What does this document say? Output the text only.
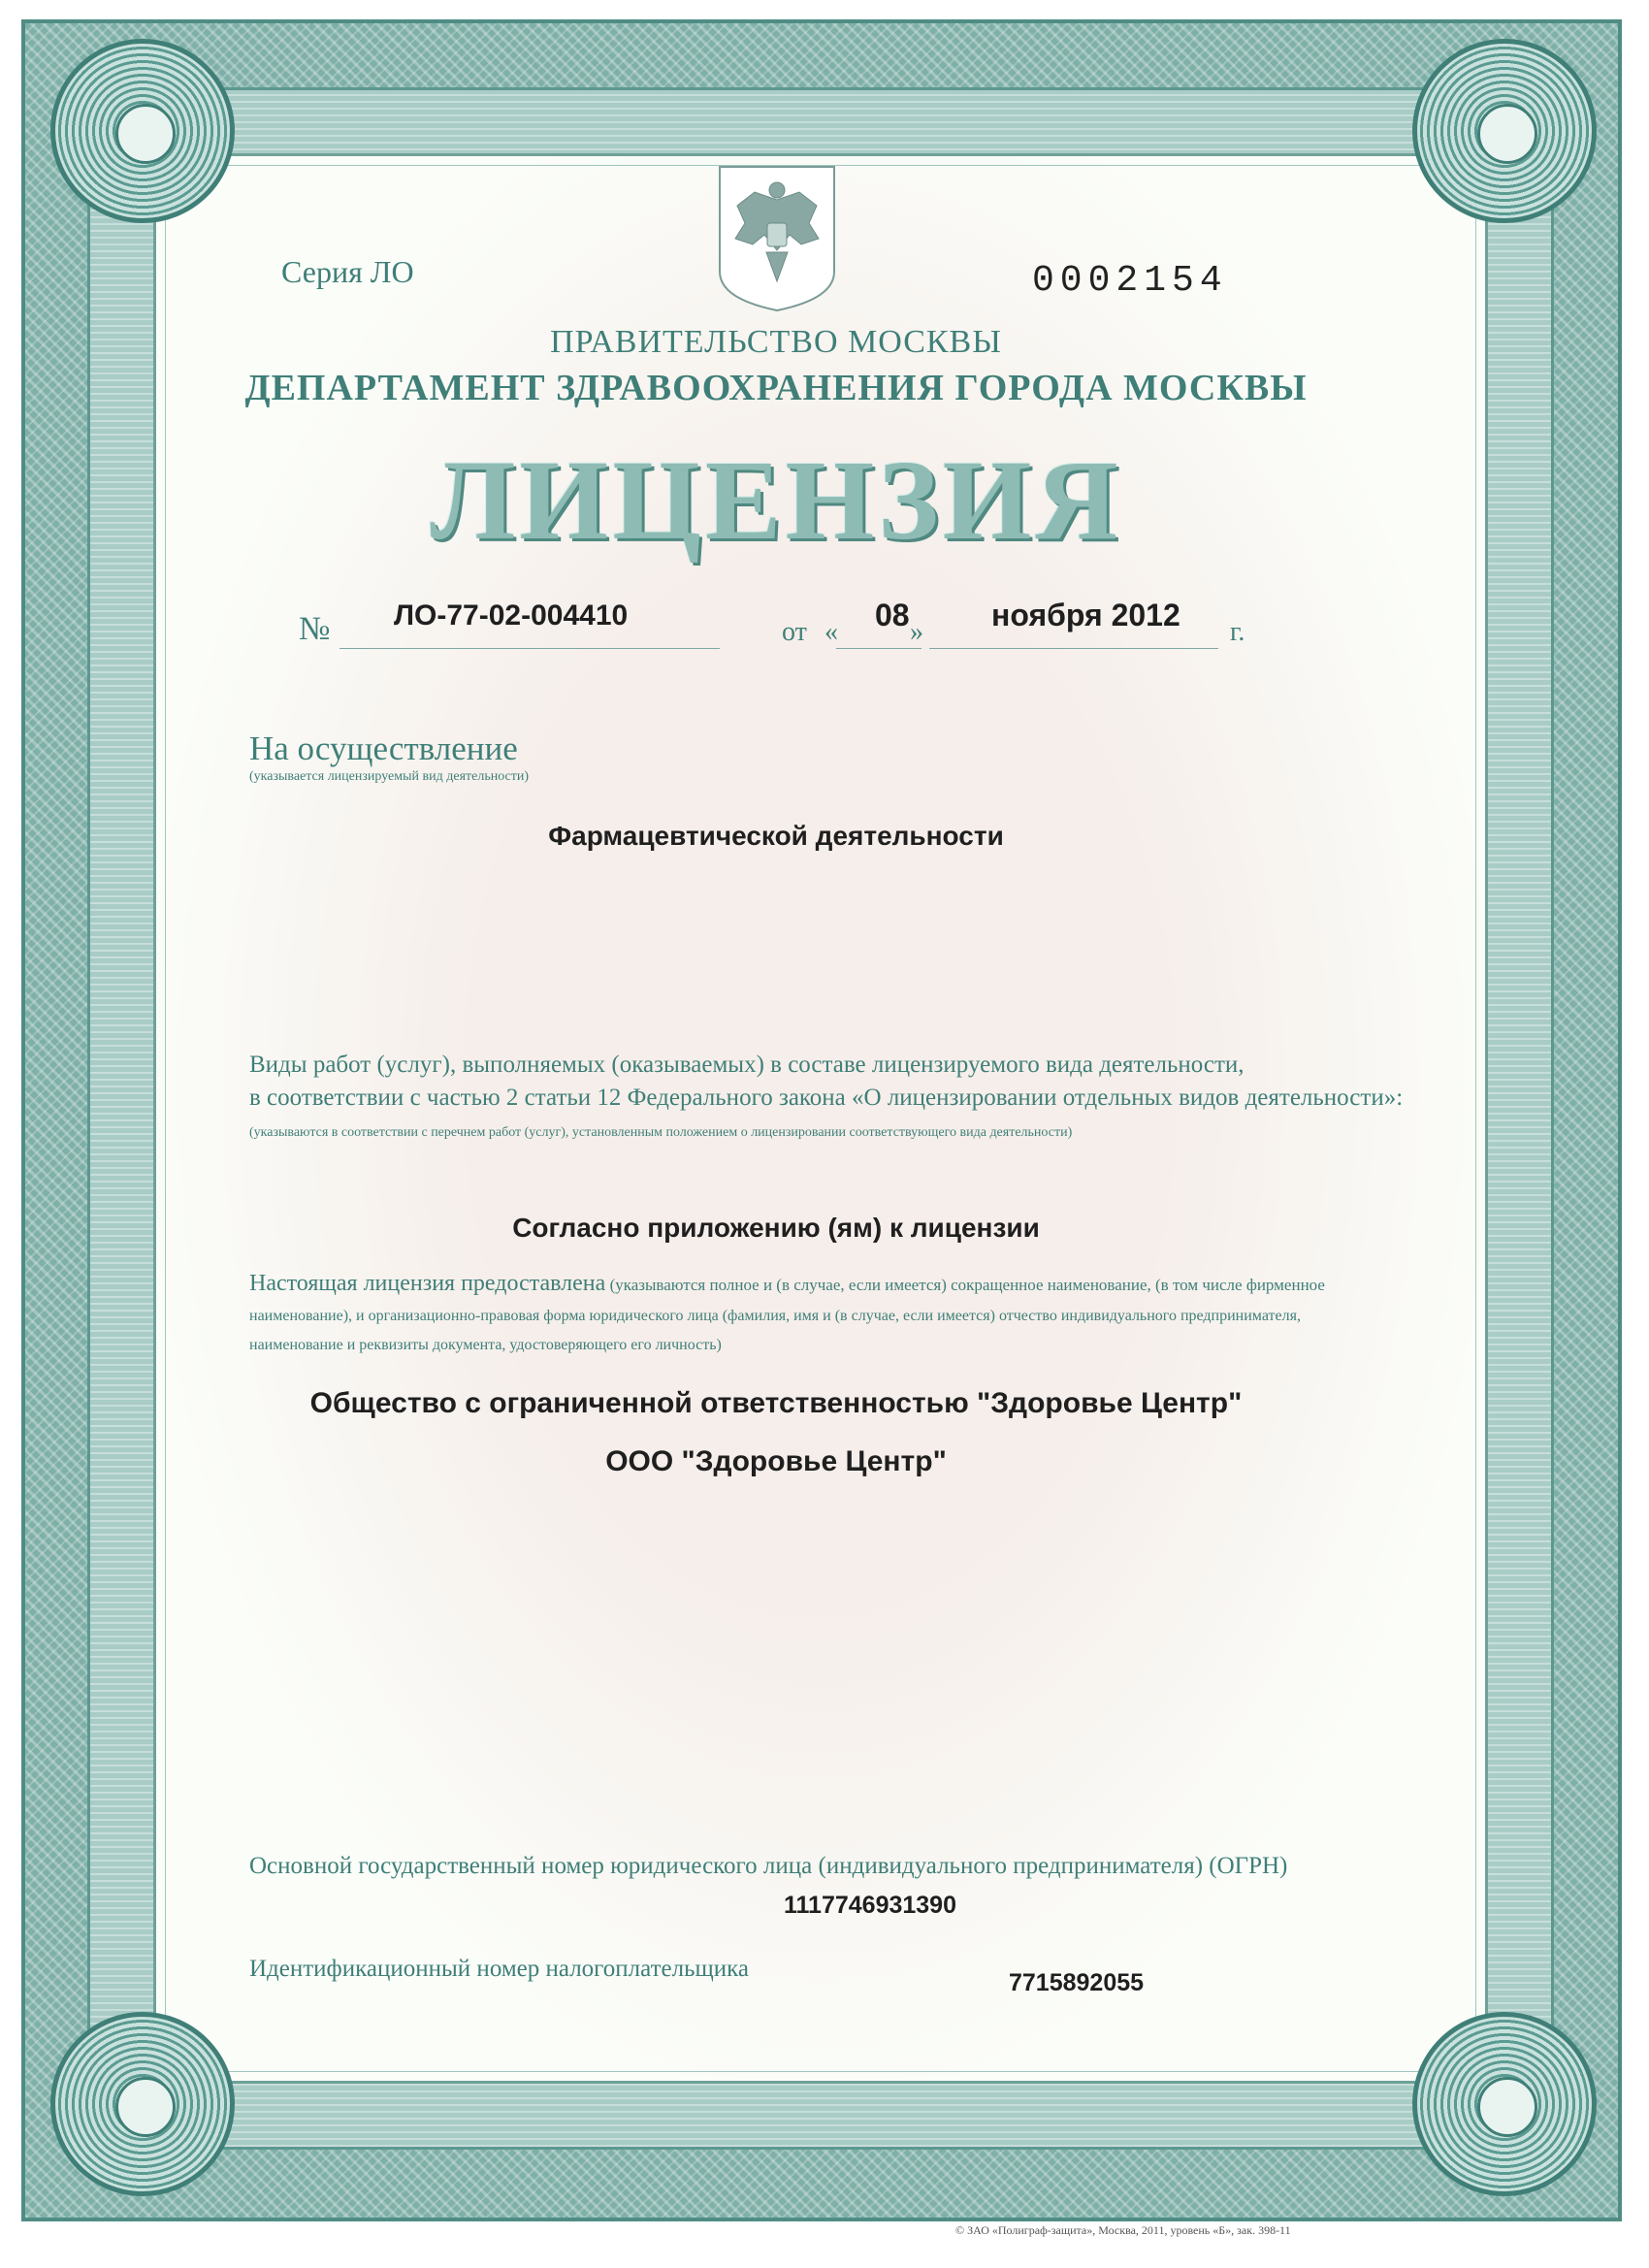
Серия ЛО	0002154
ПРАВИТЕЛЬСТВО МОСКВЫ
ДЕПАРТАМЕНТ ЗДРАВООХРАНЕНИЯ ГОРОДА МОСКВЫ
ЛИЦЕНЗИЯ
№ ЛО-77-02-004410
от « 08 » ноября 2012 г.
На осуществление
(указывается лицензируемый вид деятельности)
Фармацевтической деятельности
Виды работ (услуг), выполняемых (оказываемых) в составе лицензируемого вида деятельности,
в соответствии с частью 2 статьи 12 Федерального закона «О лицензировании отдельных видов деятельности»:
(указываются в соответствии с перечнем работ (услуг), установленным положением о лицензировании соответствующего вида деятельности)
Согласно приложению (ям) к лицензии
Настоящая лицензия предоставлена (указываются полное и (в случае, если имеется) сокращенное наименование, (в том числе фирменное
наименование), и организационно-правовая форма юридического лица (фамилия, имя и (в случае, если имеется) отчество индивидуального предпринимателя,
наименование и реквизиты документа, удостоверяющего его личность)
Общество с ограниченной ответственностью "Здоровье Центр"
ООО "Здоровье Центр"
Основной государственный номер юридического лица (индивидуального предпринимателя) (ОГРН)
1117746931390
Идентификационный номер налогоплательщика
7715892055
© ЗАО «Полиграф-защита», Москва, 2011, уровень «Б», зак. 398-11
